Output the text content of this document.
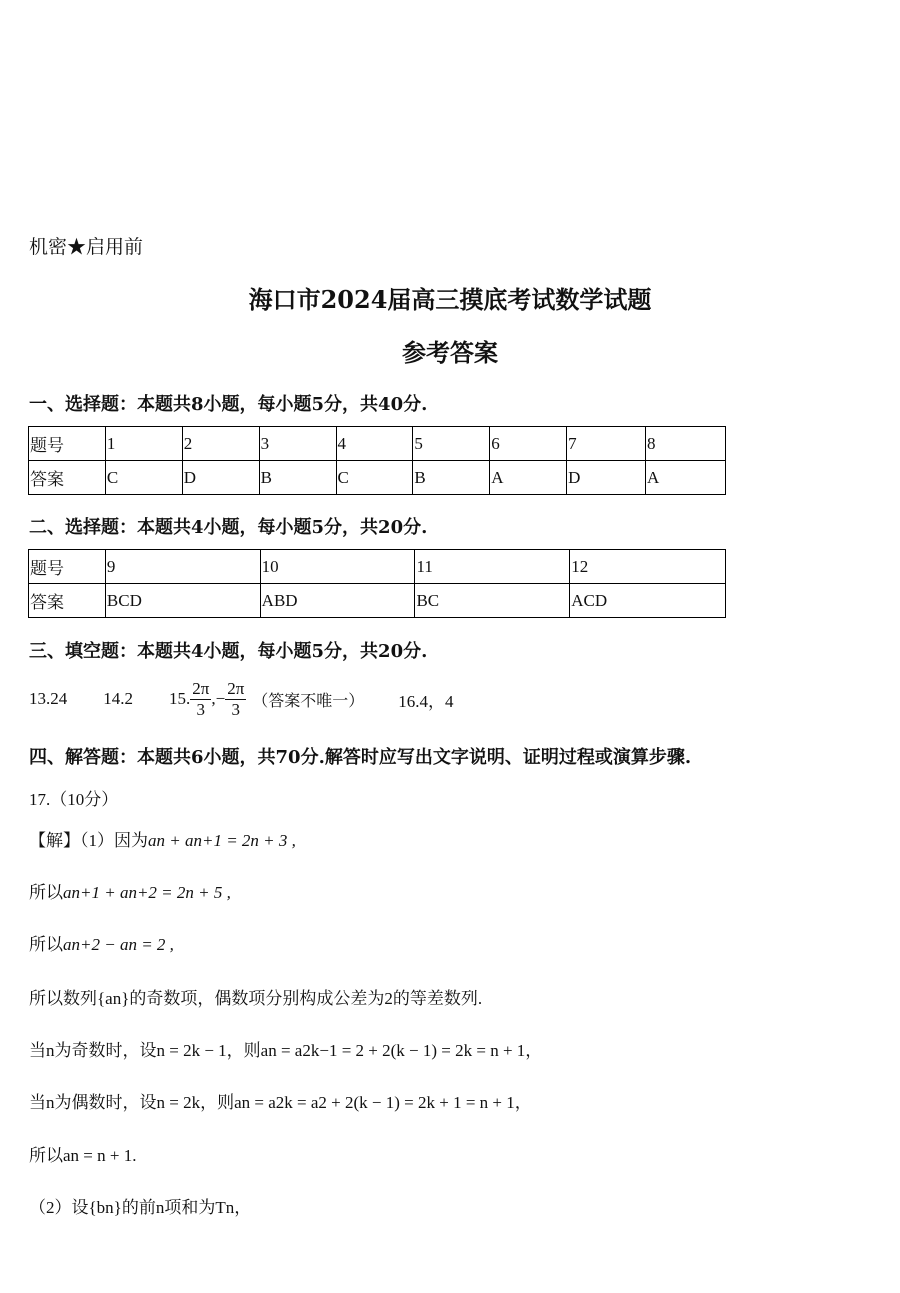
机密★启用前
海口市2024届高三摸底考试数学试题
参考答案
一、选择题：本题共8小题，每小题5分，共40分.
题号	1	2	3	4	5	6	7	8
答案	C	D	B	C	B	A	D	A
二、选择题：本题共4小题，每小题5分，共20分.
题号	9	10	11	12
答案	BCD	ABD	BC	ACD
三、填空题：本题共4小题，每小题5分，共20分.
13.24 14.2 15. $\frac{2\pi}{3}$ ,− $\frac{2\pi}{3}$ （答案不唯一） 16.4，4
四、解答题：本题共6小题，共70分.解答时应写出文字说明、证明过程或演算步骤.
17.（10分）
【解】（1）因为an + an+1 = 2n + 3 ,
所以an+1 + an+2 = 2n + 5 ,
所以an+2 − an = 2 ,
所以数列{an}的奇数项，偶数项分别构成公差为2的等差数列.
当n为奇数时，设n = 2k − 1，则an = a2k−1 = 2 + 2(k − 1) = 2k = n + 1，
当n为偶数时，设n = 2k，则an = a2k = a2 + 2(k − 1) = 2k + 1 = n + 1，
所以an = n + 1.
（2）设{bn}的前n项和为Tn，
